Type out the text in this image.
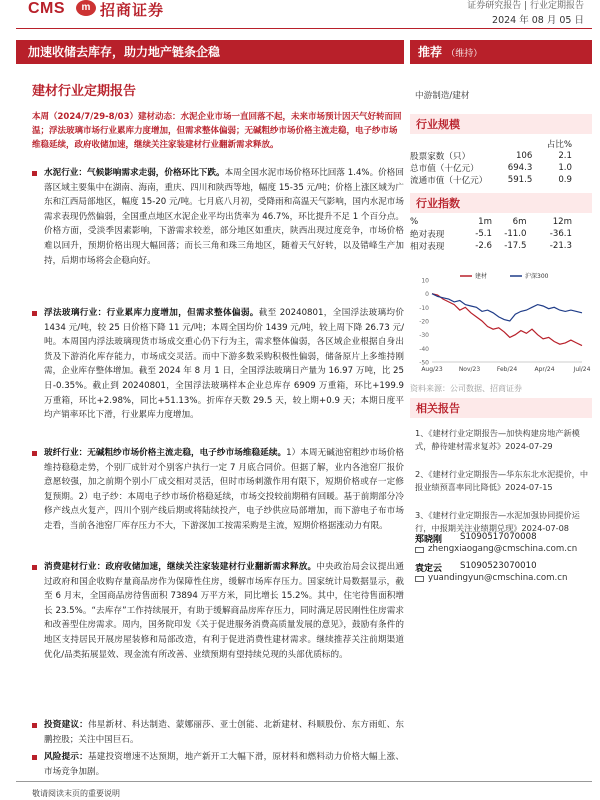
CMS	m 招商证券	证券研究报告 | 行业定期报告
2024 年 08 月 05 日
加速收储去库存，助力地产链条企稳	推荐 （维持）
建材行业定期报告
本周（2024/7/29-8/03）建材动态：水泥企业市场一直回落不起，未来市场预计因天气好转而回温；浮法玻璃市场行业累库力度增加，但需求整体偏弱；无碱粗纱市场价格主流走稳，电子纱市场维稳延续，政府收储加速，继续关注家装建材行业翻新需求释放。
水泥行业：气候影响需求走弱，价格环比下跌。本周全国水泥市场价格环比回落 1.4%。价格回落区域主要集中在湖南、海南，重庆、四川和陕西等地，幅度 15-35 元/吨；价格上涨区域为广东和江西局部地区，幅度 15-20 元/吨。七月底八月初，受降雨和高温天气影响，国内水泥市场需求表现仍然偏弱，全国重点地区水泥企业平均出货率为 46.7%，环比提升不足 1 个百分点。价格方面，受淡季因素影响，下游需求较差，部分地区如重庆，陕西出现过度竞争，市场价格难以回升，预期价格出现大幅回落；而长三角和珠三角地区，随着天气好转，以及错峰生产加持，后期市场将会企稳向好。
浮法玻璃行业：行业累库力度增加，但需求整体偏弱。截至 20240801，全国浮法玻璃均价 1434 元/吨，较 25 日价格下降 11 元/吨；本周全国均价 1439 元/吨，较上周下降 26.73 元/吨。本周国内浮法玻璃现货市场成交重心仍下行为主，需求整体偏弱，各区域企业根据自身出货及下游消化库存能力，市场成交灵活。而中下游多数采购积极性偏弱，储备原片上多维持刚需，企业库存整体增加。截至 2024 年 8 月 1 日，全国浮法玻璃日产量为 16.97 万吨，比 25 日-0.35%。截止到 20240801，全国浮法玻璃样本企业总库存 6909 万重箱，环比+199.9 万重箱，环比+2.98%，同比+51.13%。折库存天数 29.5 天，较上期+0.9 天；本期日度平均产销率环比下滑，行业累库力度增加。
玻纤行业：无碱粗纱市场价格主流走稳，电子纱市场维稳延续。1）本周无碱池窑粗纱市场价格维持稳稳走势，个别厂成针对个别客户执行一定 7 月底合同价。但据了解，业内各池窑厂报价意愿较强，加之前期个别小厂成交相对灵活，但时市场刺激作用有限下，短期价格或存一定修复预期。2）电子纱：本周电子纱市场价格稳延续，市场交投较前期稍有回暖。基于前期部分冷修产线点火复产，四川个别产线后期或将陆续投产，电子纱供应局部增加，而下游电子布市场走看，当前各池窑厂库存压力不大，下游深加工按需采购是主流，短期价格据涨动力有限。
消费建材行业：政府收储加速，继续关注家装建材行业翻新需求释放。中央政治局会议提出通过政府和国企收购存量商品房作为保障性住房，缓解市场库存压力。国家统计局数据显示，截至 6 月末，全国商品房待售面积 73894 万平方米，同比增长 15.2%。其中，住宅待售面积增长 23.5%。“去库存”工作持续展开，有助于缓解商品房库存压力，同时满足居民刚性住房需求和改善型住房需求。周内，国务院印发《关于促进服务消费高质量发展的意见》，鼓励有条件的地区支持居民开展房屋装修和局部改造，有利于促进消费性建材需求。继续推荐关注前期渠道优化/品类拓展显效、现金流有所改善、业绩预期有望持续兑现的头部优质标的。
投资建议：伟星新材、科达制造、蒙娜丽莎、亚士创能、北新建材、科顺股份、东方雨虹、东鹏控股；关注中国巨石。
风险提示：基建投资增速不达预期，地产新开工大幅下滑，原材料和燃料动力价格大幅上涨、市场竞争加剧。
中游制造/建材
行业规模
		占比%
股票家数（只）	106	2.1
总市值（十亿元）	694.3	1.0
流通市值（十亿元）	591.5	0.9
行业指数
%	1m	6m	12m
绝对表现	-5.1	-11.0	-36.1
相对表现	-2.6	-17.5	-21.3
10
0
-10
-20
-30
-40
-50
Aug/23	Nov/23	Feb/24	Apr/24	Jul/24
建材	沪深300
资料来源：公司数据、招商证券
相关报告
1、《建材行业定期报告—加快构建房地产新模式，静待建材需求复苏》2024-07-29
2、《建材行业定期报告—华东东北水泥提价，中报业绩预喜率同比降低》2024-07-15
3、《建材行业定期报告—水泥加强协同提价运行，中报期关注业绩期兑现》2024-07-08
郑晓刚 S1090517070008
zhengxiaogang@cmschina.com.cn
袁定云 S1090523070010
yuandingyun@cmschina.com.cn
敬请阅读末页的重要说明
